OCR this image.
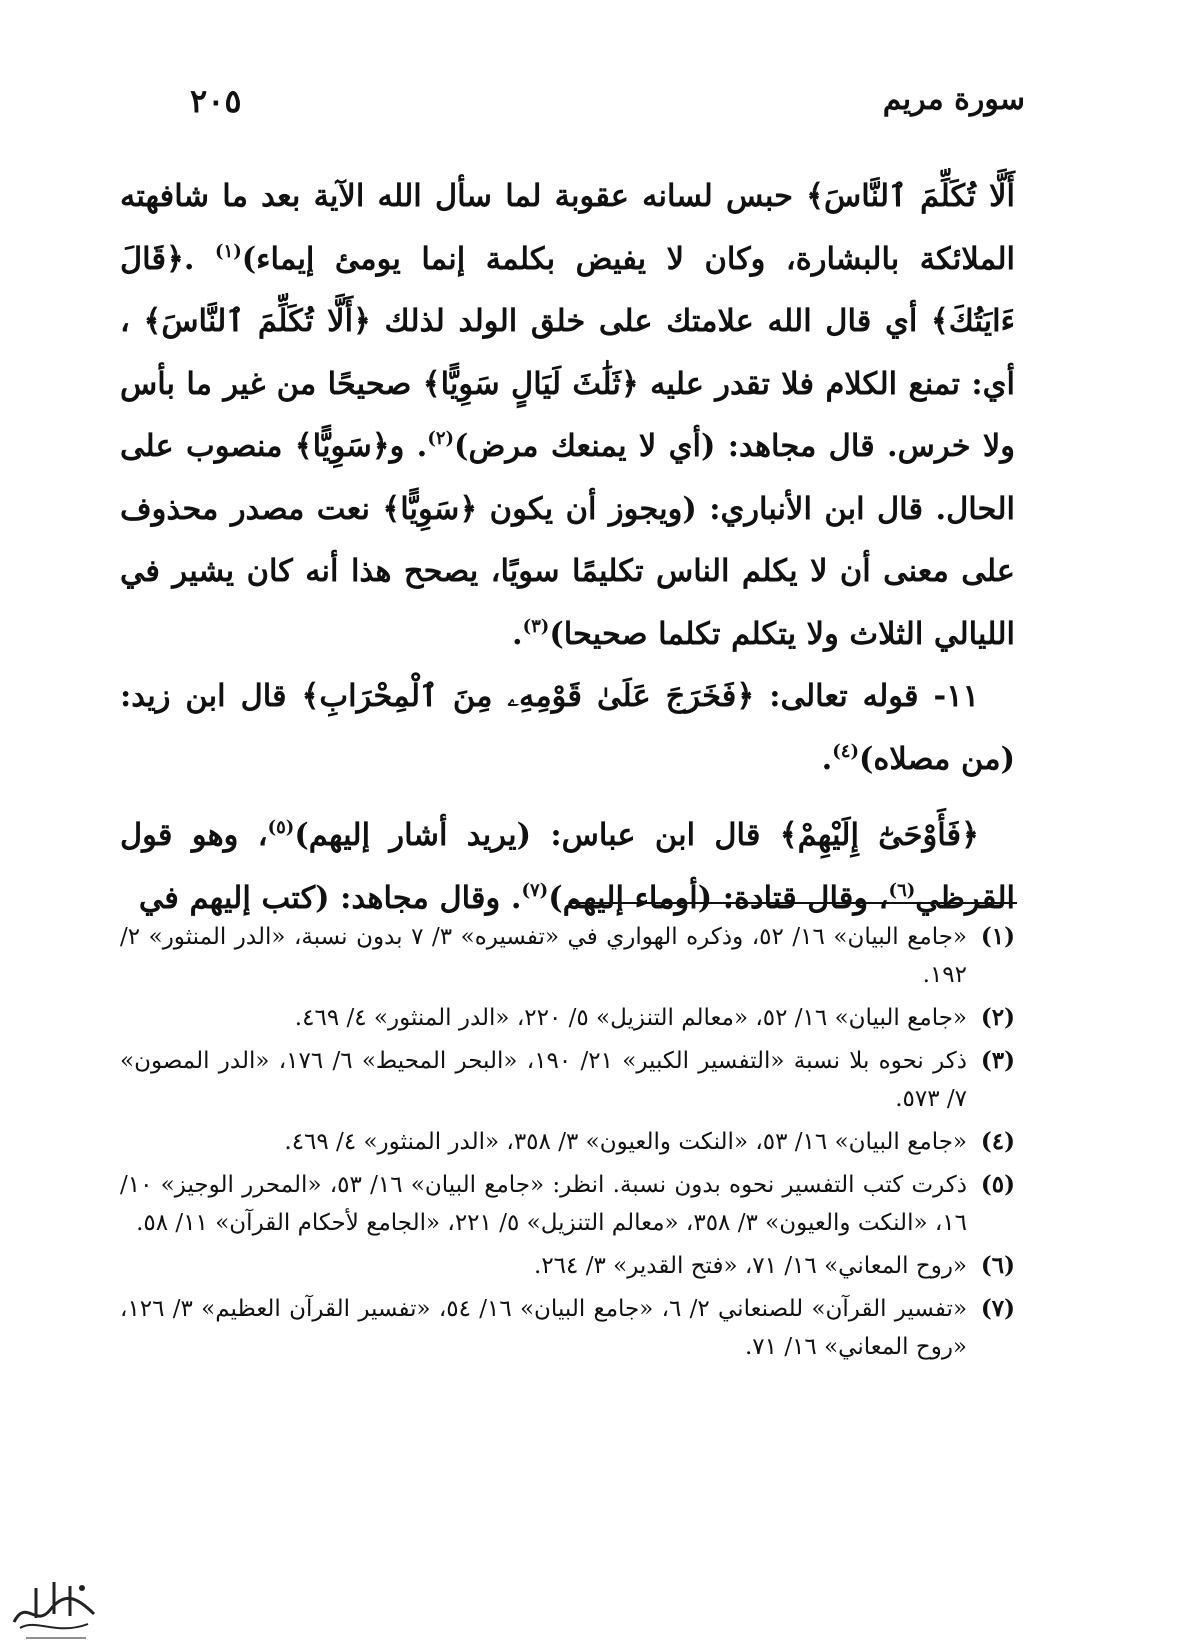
سورة مريم
٢٠٥

أَلَّا تُكَلِّمَ ٱلنَّاسَ﴾ حبس لسانه عقوبة لما سأل الله الآية بعد ما شافهته الملائكة بالبشارة، وكان لا يفيض بكلمة إنما يومئ إيماء)$^{(١)}$ .﴿قَالَ ءَايَتُكَ﴾ أي قال الله علامتك على خلق الولد لذلك ﴿أَلَّا تُكَلِّمَ ٱلنَّاسَ﴾ ، أي: تمنع الكلام فلا تقدر عليه ﴿ثَلَٰثَ لَيَالٍ سَوِيًّا﴾ صحيحًا من غير ما بأس ولا خرس. قال مجاهد: (أي لا يمنعك مرض)$^{(٢)}$. و﴿سَوِيًّا﴾ منصوب على الحال. قال ابن الأنباري: (ويجوز أن يكون ﴿سَوِيًّا﴾ نعت مصدر محذوف على معنى أن لا يكلم الناس تكليمًا سويًا، يصحح هذا أنه كان يشير في الليالي الثلاث ولا يتكلم تكلما صحيحا)$^{(٣)}$.

١١- قوله تعالى: ﴿فَخَرَجَ عَلَىٰ قَوْمِهِۦ مِنَ ٱلْمِحْرَابِ﴾ قال ابن زيد: (من مصلاه)$^{(٤)}$.

﴿فَأَوْحَىٰٓ إِلَيْهِمْ﴾ قال ابن عباس: (يريد أشار إليهم)$^{(٥)}$، وهو قول القرظي$^{(٦)}$، وقال قتادة: (أوماء إليهم)$^{(٧)}$. وقال مجاهد: (كتب إليهم في

(١)
«جامع البيان» ١٦/ ٥٢، وذكره الهواري في «تفسيره» ٣/ ٧ بدون نسبة، «الدر المنثور» ٢/ ١٩٢.
(٢)
«جامع البيان» ١٦/ ٥٢، «معالم التنزيل» ٥/ ٢٢٠، «الدر المنثور» ٤/ ٤٦٩.
(٣)
ذكر نحوه بلا نسبة «التفسير الكبير» ٢١/ ١٩٠، «البحر المحيط» ٦/ ١٧٦، «الدر المصون» ٧/ ٥٧٣.
(٤)
«جامع البيان» ١٦/ ٥٣، «النكت والعيون» ٣/ ٣٥٨، «الدر المنثور» ٤/ ٤٦٩.
(٥)
ذكرت كتب التفسير نحوه بدون نسبة. انظر: «جامع البيان» ١٦/ ٥٣، «المحرر الوجيز» ١٠/ ١٦، «النكت والعيون» ٣/ ٣٥٨، «معالم التنزيل» ٥/ ٢٢١، «الجامع لأحكام القرآن» ١١/ ٥٨.
(٦)
«روح المعاني» ١٦/ ٧١، «فتح القدير» ٣/ ٢٦٤.
(٧)
«تفسير القرآن» للصنعاني ٢/ ٦، «جامع البيان» ١٦/ ٥٤، «تفسير القرآن العظيم» ٣/ ١٢٦، «روح المعاني» ١٦/ ٧١.
